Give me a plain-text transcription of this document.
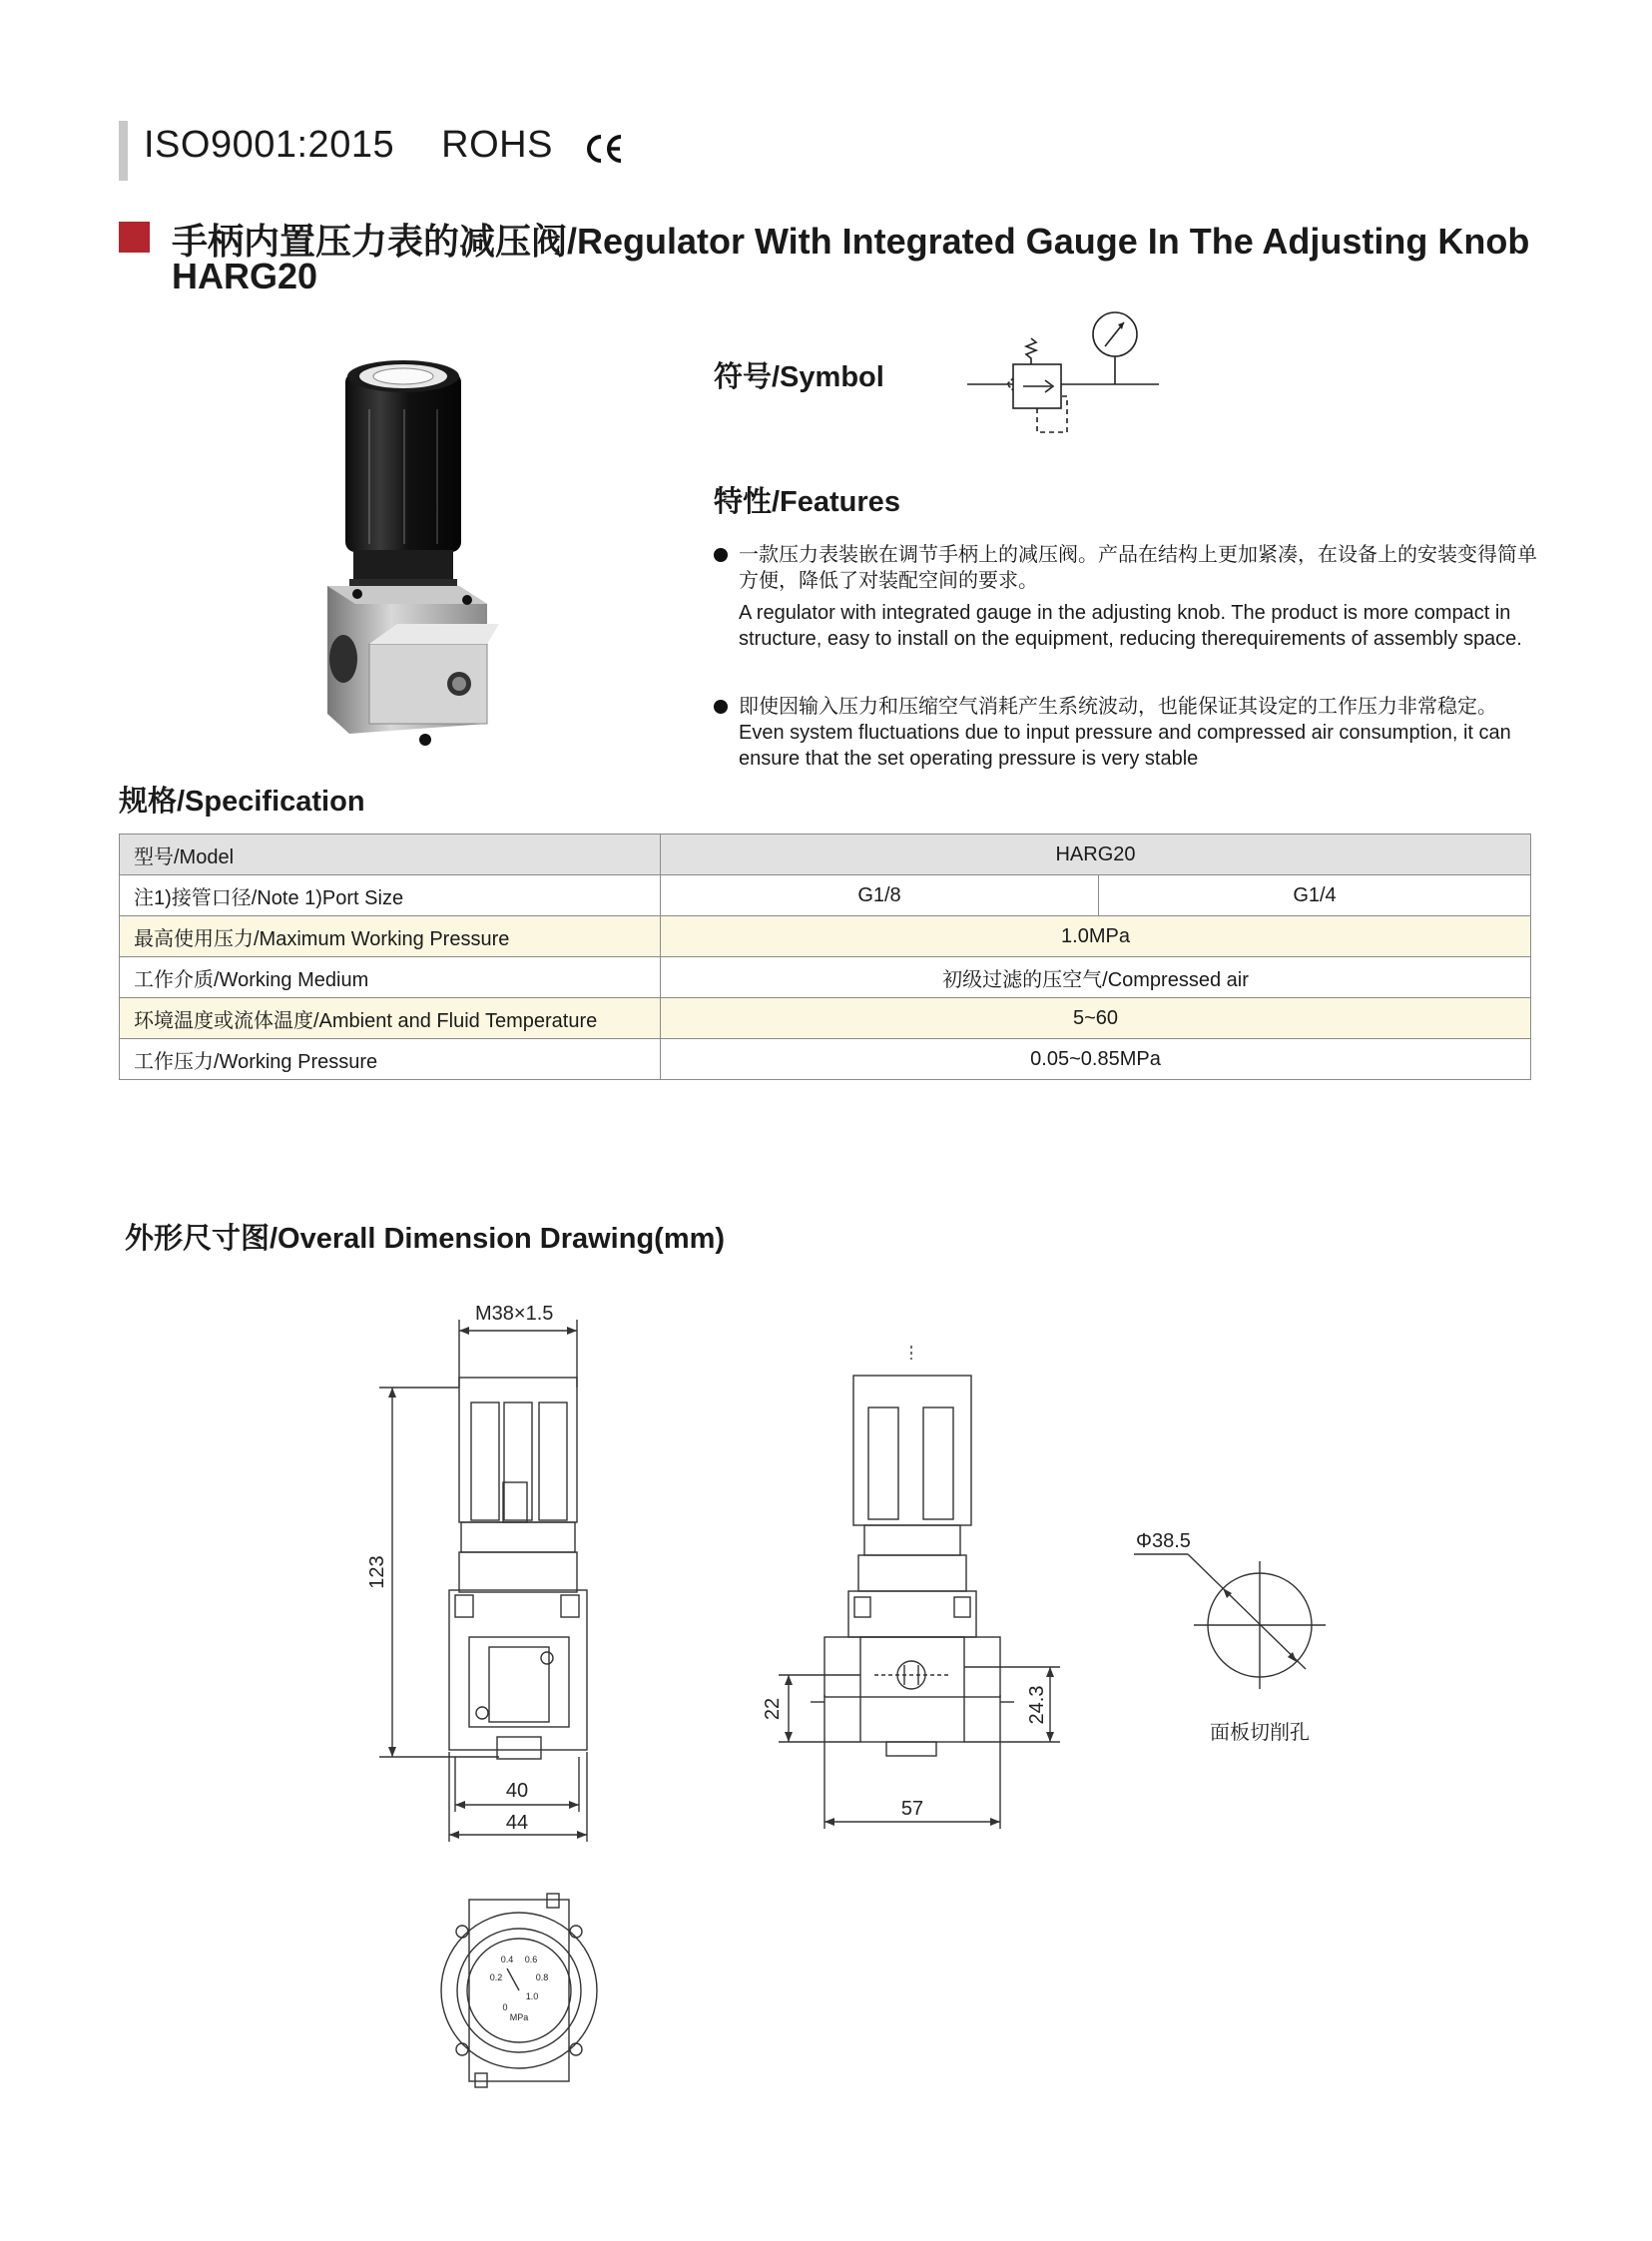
ISO9001:2015 ROHS
手柄内置压力表的减压阀/Regulator With Integrated Gauge In The Adjusting Knob
HARG20
符号/Symbol
特性/Features
一款压力表装嵌在调节手柄上的减压阀。产品在结构上更加紧凑，在设备上的安装变得简单方便，降低了对装配空间的要求。
A regulator with integrated gauge in the adjusting knob. The product is more compact in structure, easy to install on the equipment, reducing therequirements of assembly space.
即使因输入压力和压缩空气消耗产生系统波动，也能保证其设定的工作压力非常稳定。
Even system fluctuations due to input pressure and compressed air consumption, it can ensure that the set operating pressure is very stable
规格/Specification
型号/Model	HARG20	
注1)接管口径/Note 1)Port Size	G1/8	G1/4
最高使用压力/Maximum Working Pressure	1.0MPa	
工作介质/Working Medium	初级过滤的压空气/Compressed air	
环境温度或流体温度/Ambient and Fluid Temperature	5~60	
工作压力/Working Pressure	0.05~0.85MPa	
外形尺寸图/Overall Dimension Drawing(mm)
M38×1.5
123
40
44
22	24.3
57
Φ38.5
面板切削孔
0.4 0.6
0.2	0.8
1.0
0
MPa
